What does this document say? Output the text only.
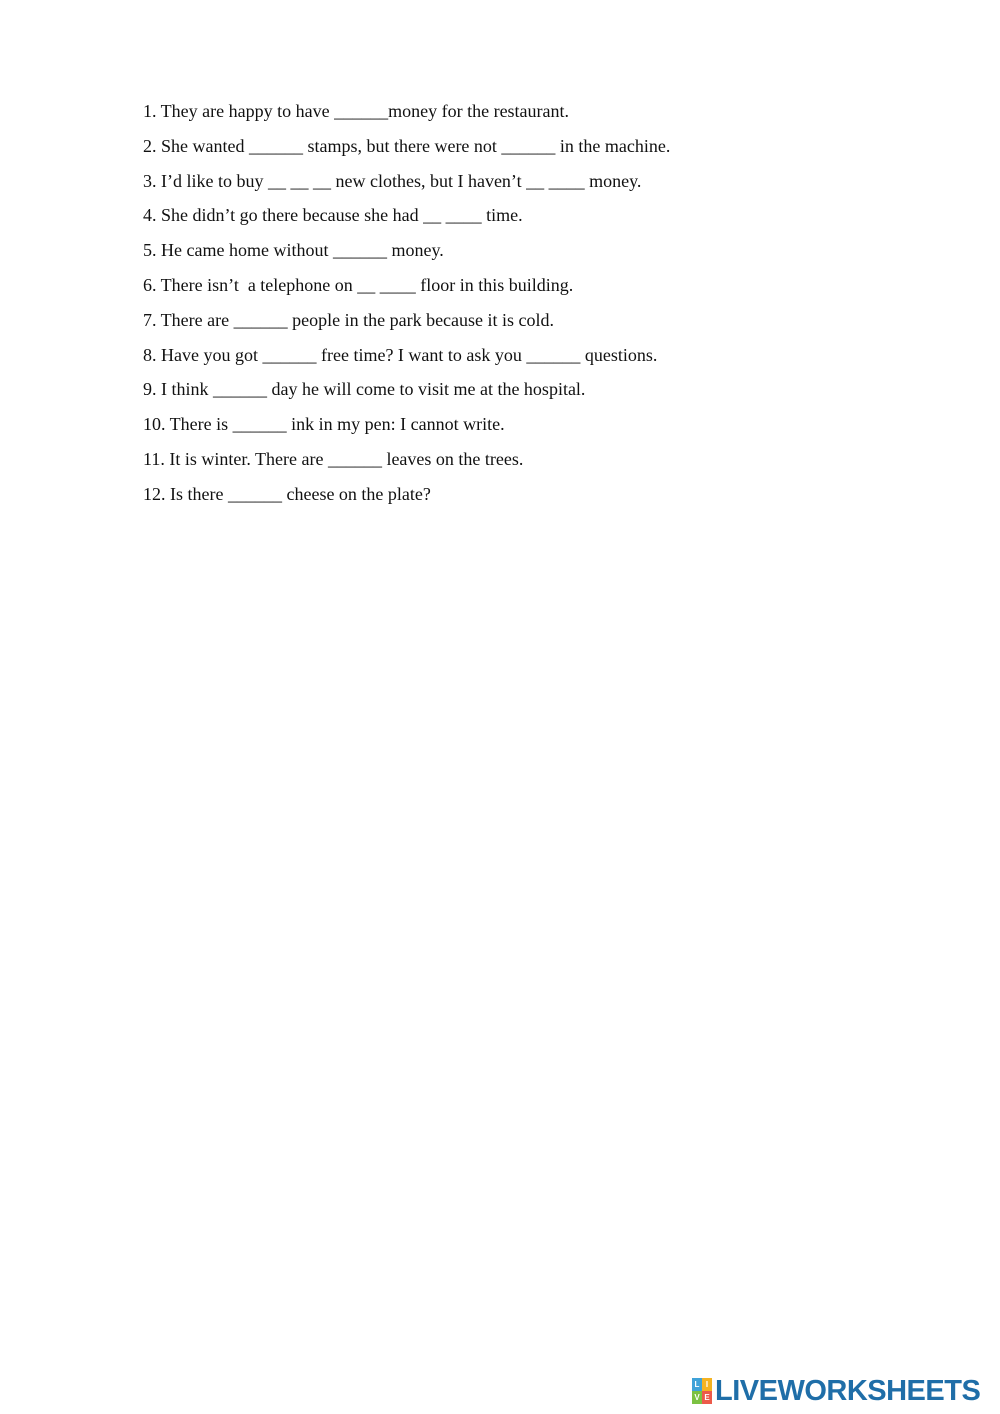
1. They are happy to have ______money for the restaurant.
2. She wanted ______ stamps, but there were not ______ in the machine.
3. I’d like to buy __ __ __ new clothes, but I haven’t __ ____ money.
4. She didn’t go there because she had __ ____ time.
5. He came home without ______ money.
6. There isn’t  a telephone on __ ____ floor in this building.
7. There are ______ people in the park because it is cold.
8. Have you got ______ free time? I want to ask you ______ questions.
9. I think ______ day he will come to visit me at the hospital.
10. There is ______ ink in my pen: I cannot write.
11. It is winter. There are ______ leaves on the trees.
12. Is there ______ cheese on the plate?
L I
V E LIVEWORKSHEETS
